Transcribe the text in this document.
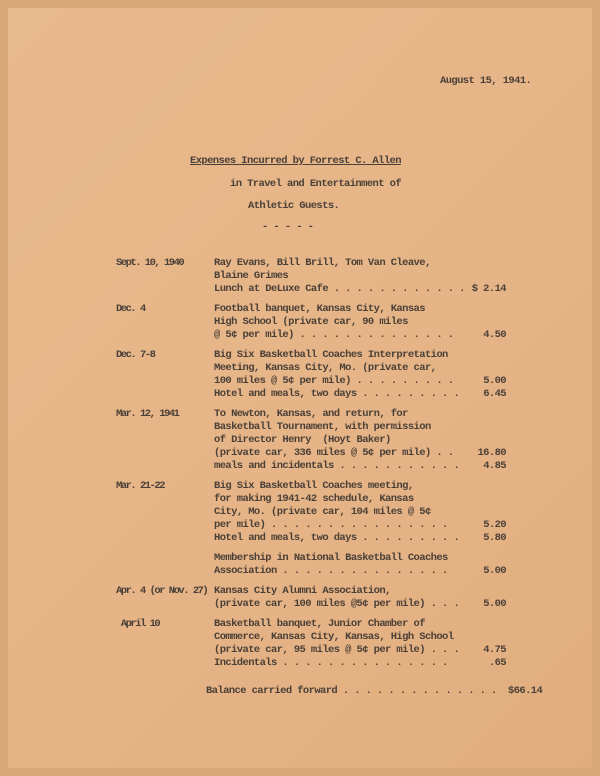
August 15, 1941.
Expenses Incurred by Forrest C. Allen
in Travel and Entertainment of
Athletic Guests.
- - - - -
Sept. 10, 1940	Ray Evans, Bill Brill, Tom Van Cleave,
Blaine Grimes
Lunch at DeLuxe Cafe . . . . . . . . . . . . $ 2.14
Dec. 4	Football banquet, Kansas City, Kansas
High School (private car, 90 miles
@ 5¢ per mile) . . . . . . . . . . . . . .	4.50
Dec. 7-8	Big Six Basketball Coaches Interpretation
Meeting, Kansas City, Mo. (private car,
100 miles @ 5¢ per mile) . . . . . . . . .	5.00
Hotel and meals, two days . . . . . . . . . 6.45
Mar. 12, 1941	To Newton, Kansas, and return, for
Basketball Tournament, with permission
of Director Henry  (Hoyt Baker)
(private car, 336 miles @ 5¢ per mile) . . 16.80
meals and incidentals . . . . . . . . . . . 4.85
Mar. 21-22	Big Six Basketball Coaches meeting,
for making 1941-42 schedule, Kansas
City, Mo. (private car, 104 miles @ 5¢
per mile) . . . . . . . . . . . . . . . .	5.20
Hotel and meals, two days . . . . . . . . . 5.80
Membership in National Basketball Coaches
Association . . . . . . . . . . . . . . .	5.00
Apr. 4 (or Nov. 27) Kansas City Alumni Association,
(private car, 100 miles @5¢ per mile) . . . 5.00
April 10	Basketball banquet, Junior Chamber of
Commerce, Kansas City, Kansas, High School
(private car, 95 miles @ 5¢ per mile) . . . 4.75
Incidentals . . . . . . . . . . . . . . .	.65
Balance carried forward . . . . . . . . . . . . . . $66.14
